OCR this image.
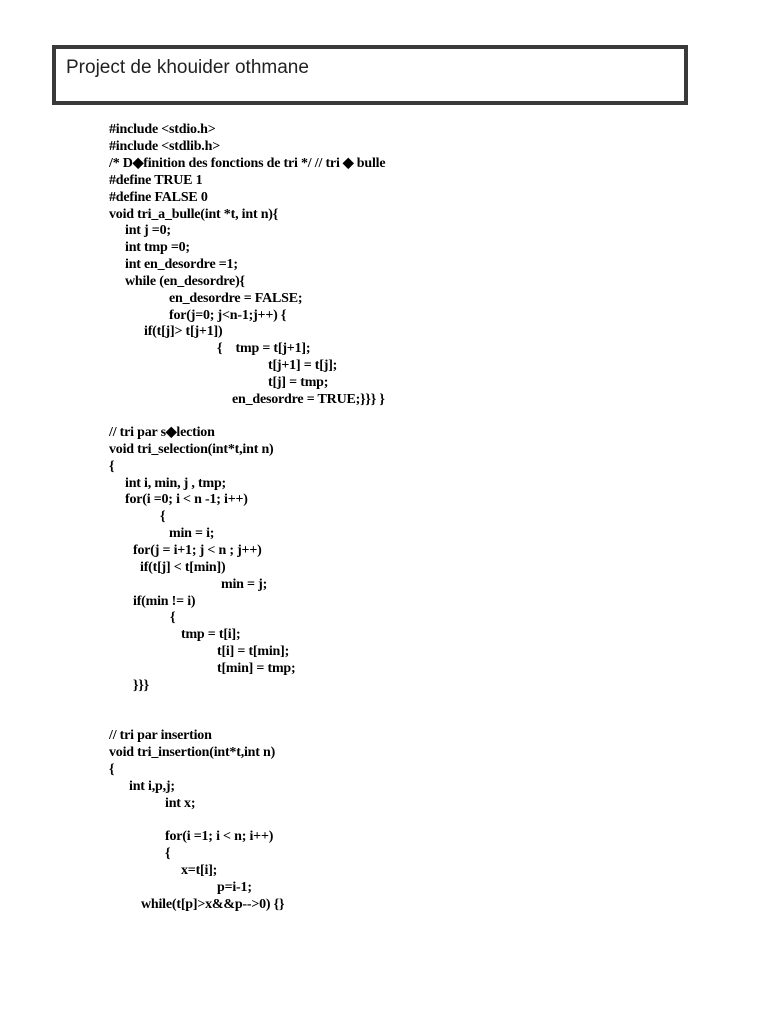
Project de khouider othmane
#include <stdio.h>
#include <stdlib.h>
/* D◆finition des fonctions de tri */ // tri ◆ bulle
#define TRUE 1
#define FALSE 0
void tri_a_bulle(int *t, int n){
int j =0;
int tmp =0;
int en_desordre =1;
while (en_desordre){
en_desordre = FALSE;
for(j=0; j<n-1;j++) {
if(t[j]> t[j+1])
{    tmp = t[j+1];
t[j+1] = t[j];
t[j] = tmp;
en_desordre = TRUE;}}} }
// tri par s◆lection
void tri_selection(int*t,int n)
{
int i, min, j , tmp;
for(i =0; i < n -1; i++)
{
min = i;
for(j = i+1; j < n ; j++)
if(t[j] < t[min])
min = j;
if(min != i)
{
tmp = t[i];
t[i] = t[min];
t[min] = tmp;
}}}
// tri par insertion
void tri_insertion(int*t,int n)
{
int i,p,j;
int x;
for(i =1; i < n; i++)
{
x=t[i];
p=i-1;
while(t[p]>x&&p-->0) {}
